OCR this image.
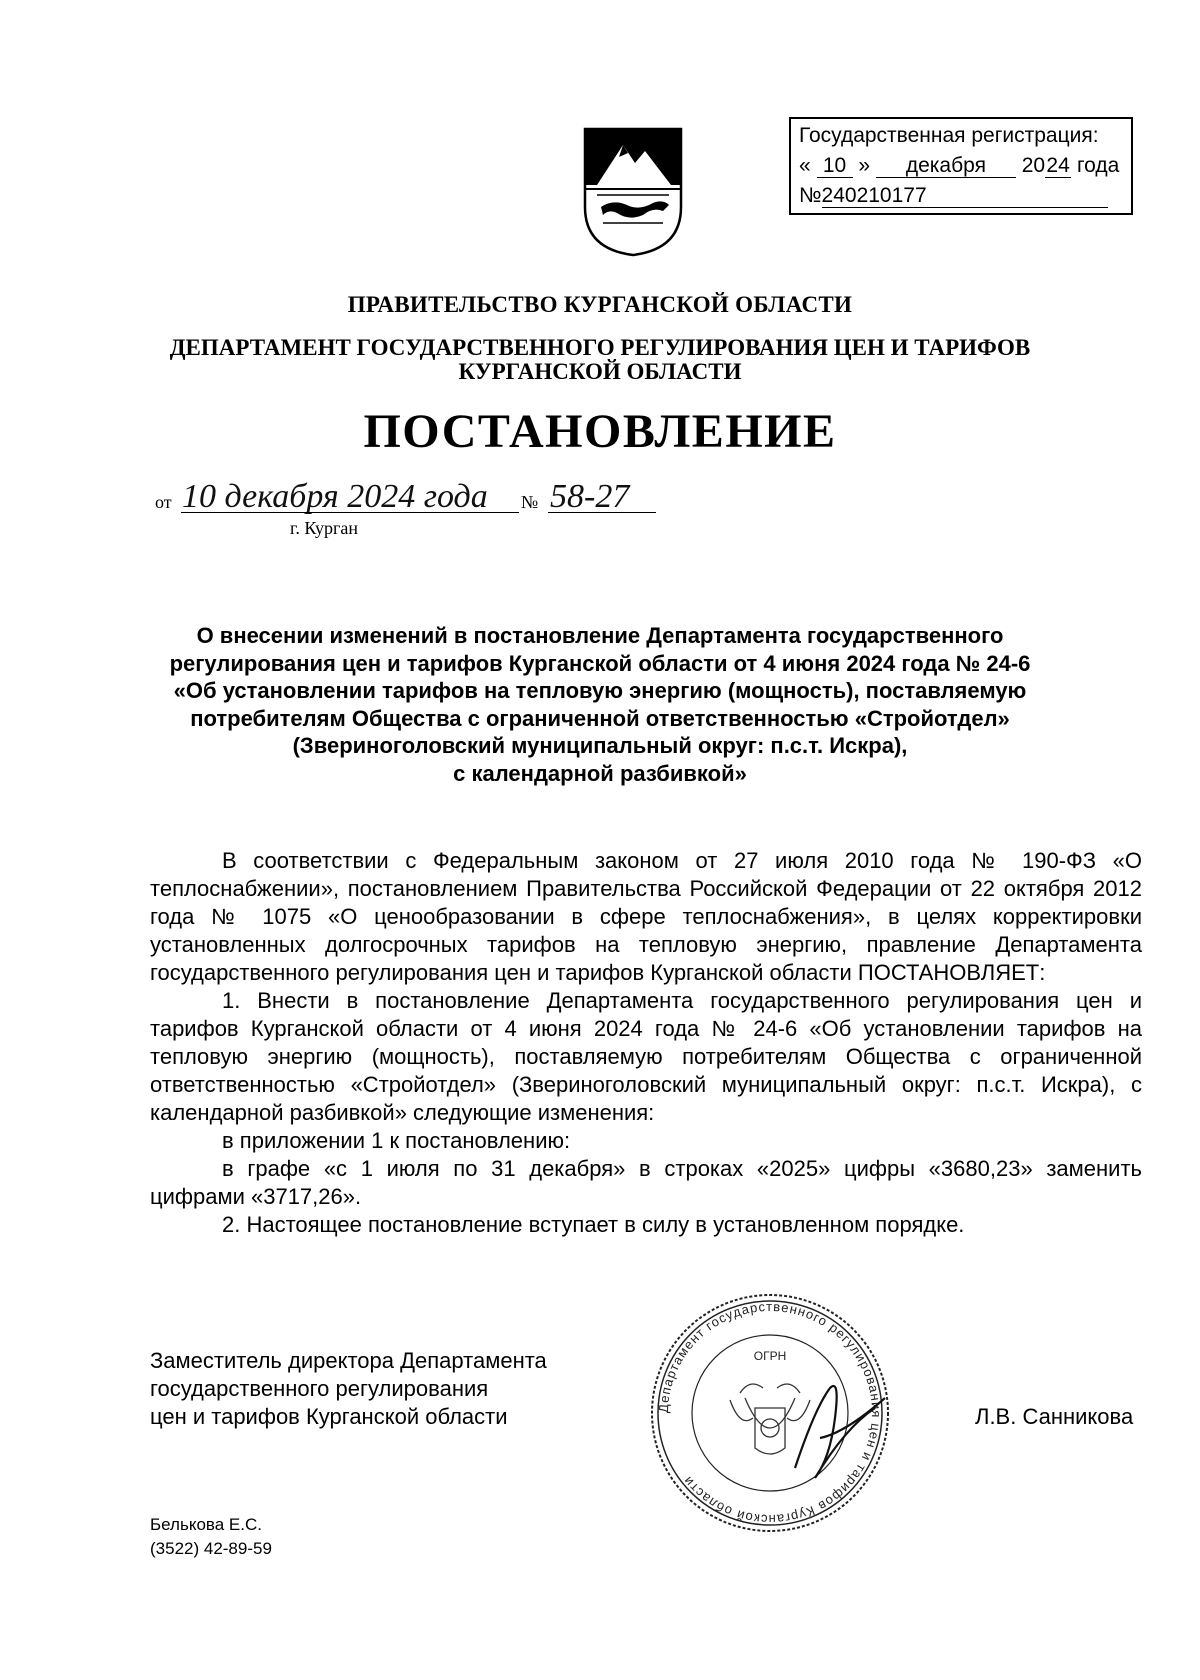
Государственная регистрация:
« 10 » декабря 2024 года
№240210177
ПРАВИТЕЛЬСТВО КУРГАНСКОЙ ОБЛАСТИ
ДЕПАРТАМЕНТ ГОСУДАРСТВЕННОГО РЕГУЛИРОВАНИЯ ЦЕН И ТАРИФОВ
КУРГАНСКОЙ ОБЛАСТИ
ПОСТАНОВЛЕНИЕ
от 10 декабря 2024 года № 58-27
г. Курган
О внесении изменений в постановление Департамента государственного
регулирования цен и тарифов Курганской области от 4 июня 2024 года № 24-6
«Об установлении тарифов на тепловую энергию (мощность), поставляемую
потребителям Общества с ограниченной ответственностью «Стройотдел»
(Звериноголовский муниципальный округ: п.с.т. Искра),
с календарной разбивкой»

В соответствии с Федеральным законом от 27 июля 2010 года № 190-ФЗ «О теплоснабжении», постановлением Правительства Российской Федерации от 22 октября 2012 года № 1075 «О ценообразовании в сфере теплоснабжения», в целях корректировки установленных долгосрочных тарифов на тепловую энергию, правление Департамента государственного регулирования цен и тарифов Курганской области ПОСТАНОВЛЯЕТ:

1. Внести в постановление Департамента государственного регулирования цен и тарифов Курганской области от 4 июня 2024 года № 24-6 «Об установлении тарифов на тепловую энергию (мощность), поставляемую потребителям Общества с ограниченной ответственностью «Стройотдел» (Звериноголовский муниципальный округ: п.с.т. Искра), с календарной разбивкой» следующие изменения:

в приложении 1 к постановлению:

в графе «с 1 июля по 31 декабря» в строках «2025» цифры «3680,23» заменить цифрами «3717,26».

2. Настоящее постановление вступает в силу в установленном порядке.

Департамент государственного регулирования цен и тарифов Курганской области
ОГРН
Заместитель директора Департамента
государственного регулирования
цен и тарифов Курганской области	Л.В. Санникова
Белькова Е.С.
(3522) 42-89-59
